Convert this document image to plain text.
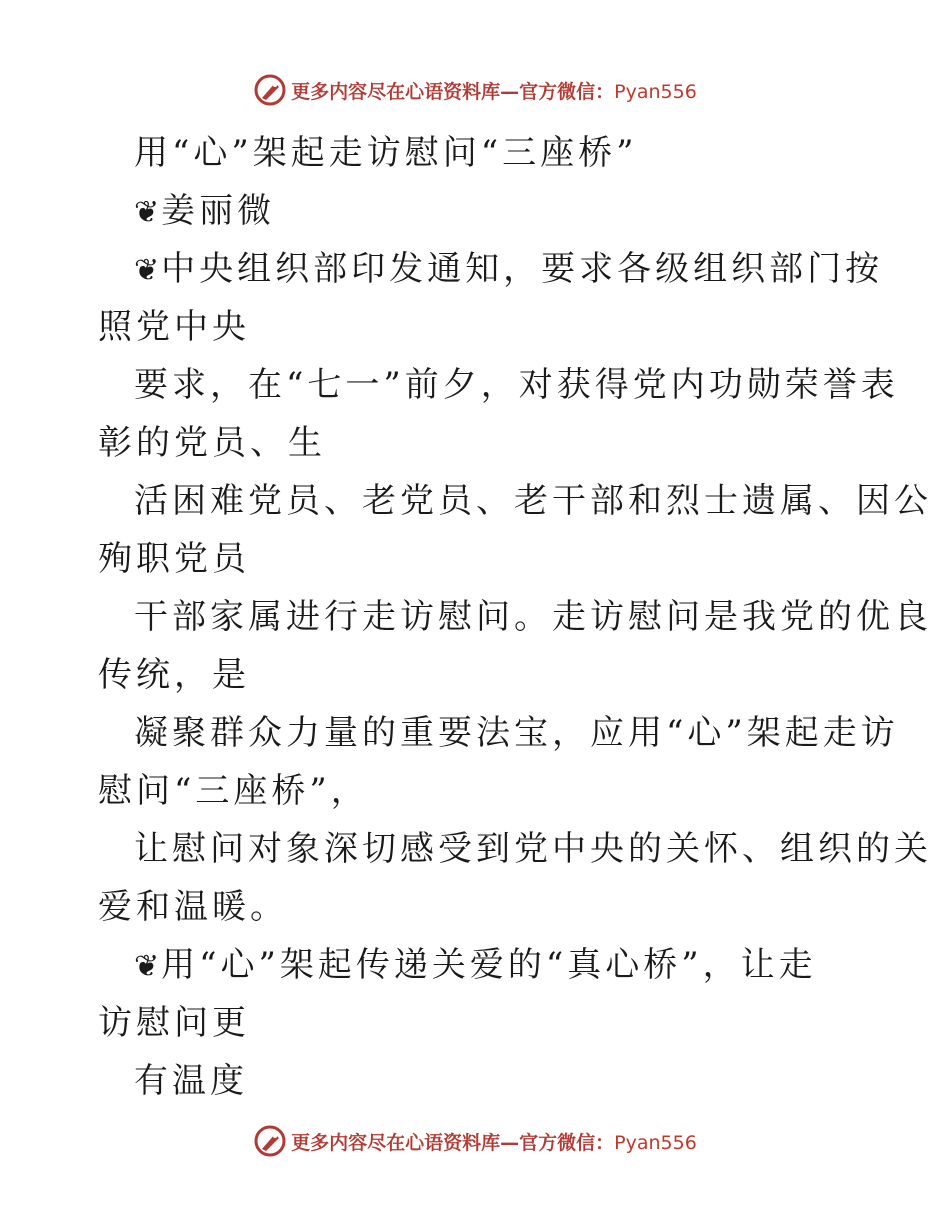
更多内容尽在心语资料库—官方微信：Pyan556
用“心”架起走访慰问“三座桥”
❦姜丽微
❦中央组织部印发通知，要求各级组织部门按
照党中央
要求，在“七一”前夕，对获得党内功勋荣誉表
彰的党员、生
活困难党员、老党员、老干部和烈士遗属、因公
殉职党员
干部家属进行走访慰问。走访慰问是我党的优良
传统，是
凝聚群众力量的重要法宝，应用“心”架起走访
慰问“三座桥”，
让慰问对象深切感受到党中央的关怀、组织的关
爱和温暖。
❦用“心”架起传递关爱的“真心桥”，让走
访慰问更
有温度
更多内容尽在心语资料库—官方微信：Pyan556
